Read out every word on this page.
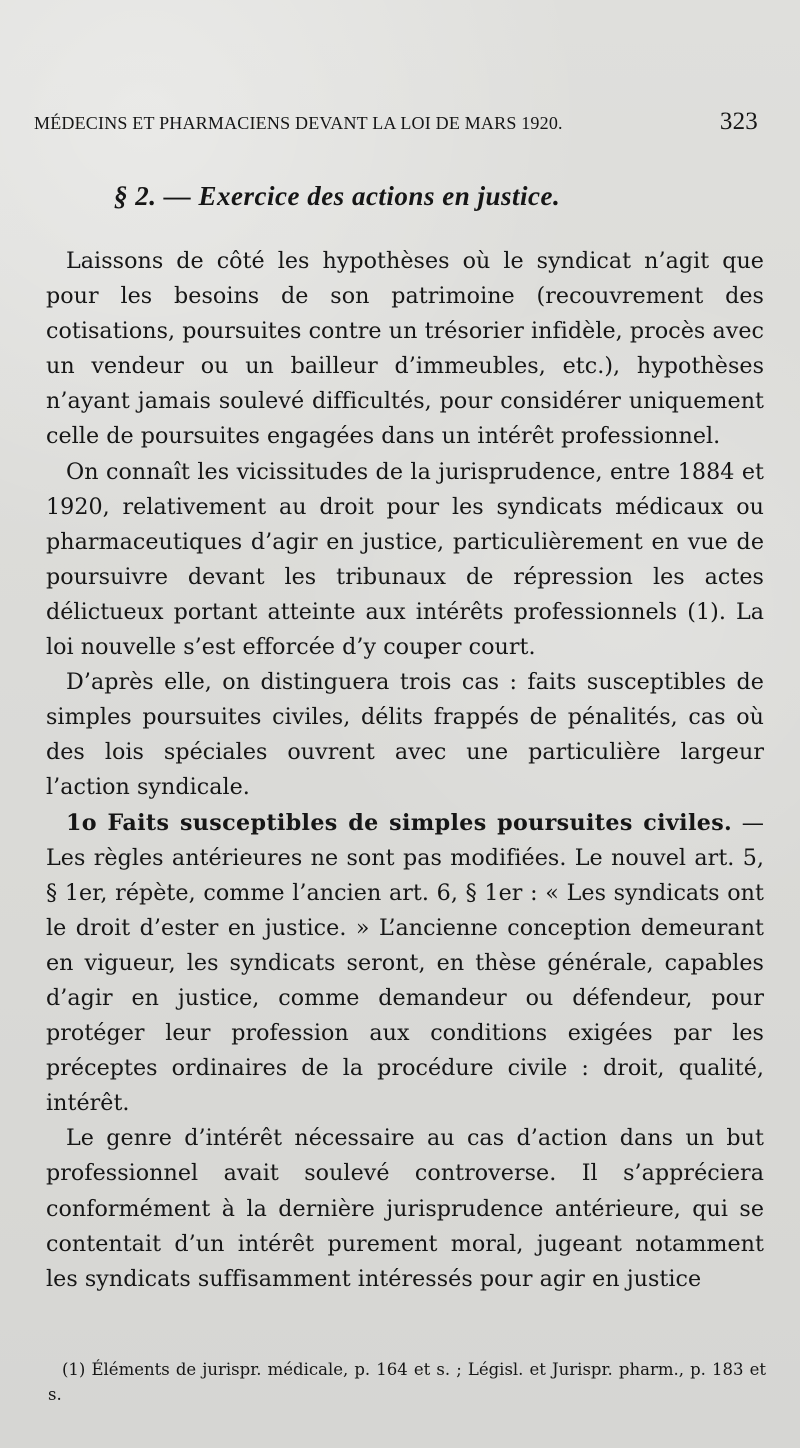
MÉDECINS ET PHARMACIENS DEVANT LA LOI DE MARS 1920.	323
§ 2. — Exercice des actions en justice.

Laissons de côté les hypothèses où le syndicat n’agit que pour les besoins de son patrimoine (recouvrement des cotisations, poursuites contre un trésorier infidèle, procès avec un vendeur ou un bailleur d’immeubles, etc.), hypothèses n’ayant jamais soulevé difficultés, pour considérer uniquement celle de poursuites engagées dans un intérêt professionnel.

On connaît les vicissitudes de la jurisprudence, entre 1884 et 1920, relativement au droit pour les syndicats médicaux ou pharmaceutiques d’agir en justice, particulièrement en vue de poursuivre devant les tribunaux de répression les actes délictueux portant atteinte aux intérêts professionnels (1). La loi nouvelle s’est efforcée d’y couper court.

D’après elle, on distinguera trois cas : faits susceptibles de simples poursuites civiles, délits frappés de pénalités, cas où des lois spéciales ouvrent avec une particulière largeur l’action syndicale.

1o Faits susceptibles de simples poursuites civiles. — Les règles antérieures ne sont pas modifiées. Le nouvel art. 5, § 1er, répète, comme l’ancien art. 6, § 1er : « Les syndicats ont le droit d’ester en justice. » L’ancienne conception demeurant en vigueur, les syndicats seront, en thèse générale, capables d’agir en justice, comme demandeur ou défendeur, pour protéger leur profession aux conditions exigées par les préceptes ordinaires de la procédure civile : droit, qualité, intérêt.

Le genre d’intérêt nécessaire au cas d’action dans un but professionnel avait soulevé controverse. Il s’appréciera conformément à la dernière jurisprudence antérieure, qui se contentait d’un intérêt purement moral, jugeant notamment les syndicats suffisamment intéressés pour agir en justice

(1) Éléments de jurispr. médicale, p. 164 et s. ; Législ. et Jurispr. pharm., p. 183 et s.
